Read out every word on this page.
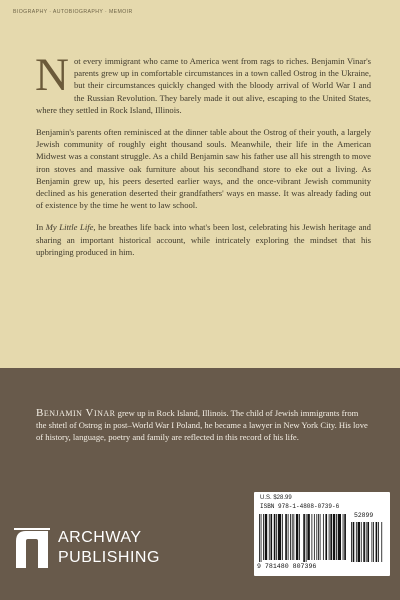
BIOGRAPHY · AUTOBIOGRAPHY · MEMOIR

Not every immigrant who came to America went from rags to riches. Benjamin Vinar's parents grew up in comfortable circumstances in a town called Ostrog in the Ukraine, but their circumstances quickly changed with the bloody arrival of World War I and the Russian Revolution. They barely made it out alive, escaping to the United States, where they settled in Rock Island, Illinois.

Benjamin's parents often reminisced at the dinner table about the Ostrog of their youth, a largely Jewish community of roughly eight thousand souls. Meanwhile, their life in the American Midwest was a constant struggle. As a child Benjamin saw his father use all his strength to move iron stoves and massive oak furniture about his secondhand store to eke out a living. As Benjamin grew up, his peers deserted earlier ways, and the once-vibrant Jewish community declined as his generation deserted their grandfathers' ways en masse. It was already fading out of existence by the time he went to law school.

In My Little Life, he breathes life back into what's been lost, celebrating his Jewish heritage and sharing an important historical account, while intricately exploring the mindset that his upbringing produced in him.

Benjamin Vinar grew up in Rock Island, Illinois. The child of Jewish immigrants from the shtetl of Ostrog in post–World War I Poland, he became a lawyer in New York City. His love of history, language, poetry and family are reflected in this record of his life.
ARCHWAY
PUBLISHING
U.S. $28.99
ISBN 978-1-4808-0739-6
9 781480 807396
52899
